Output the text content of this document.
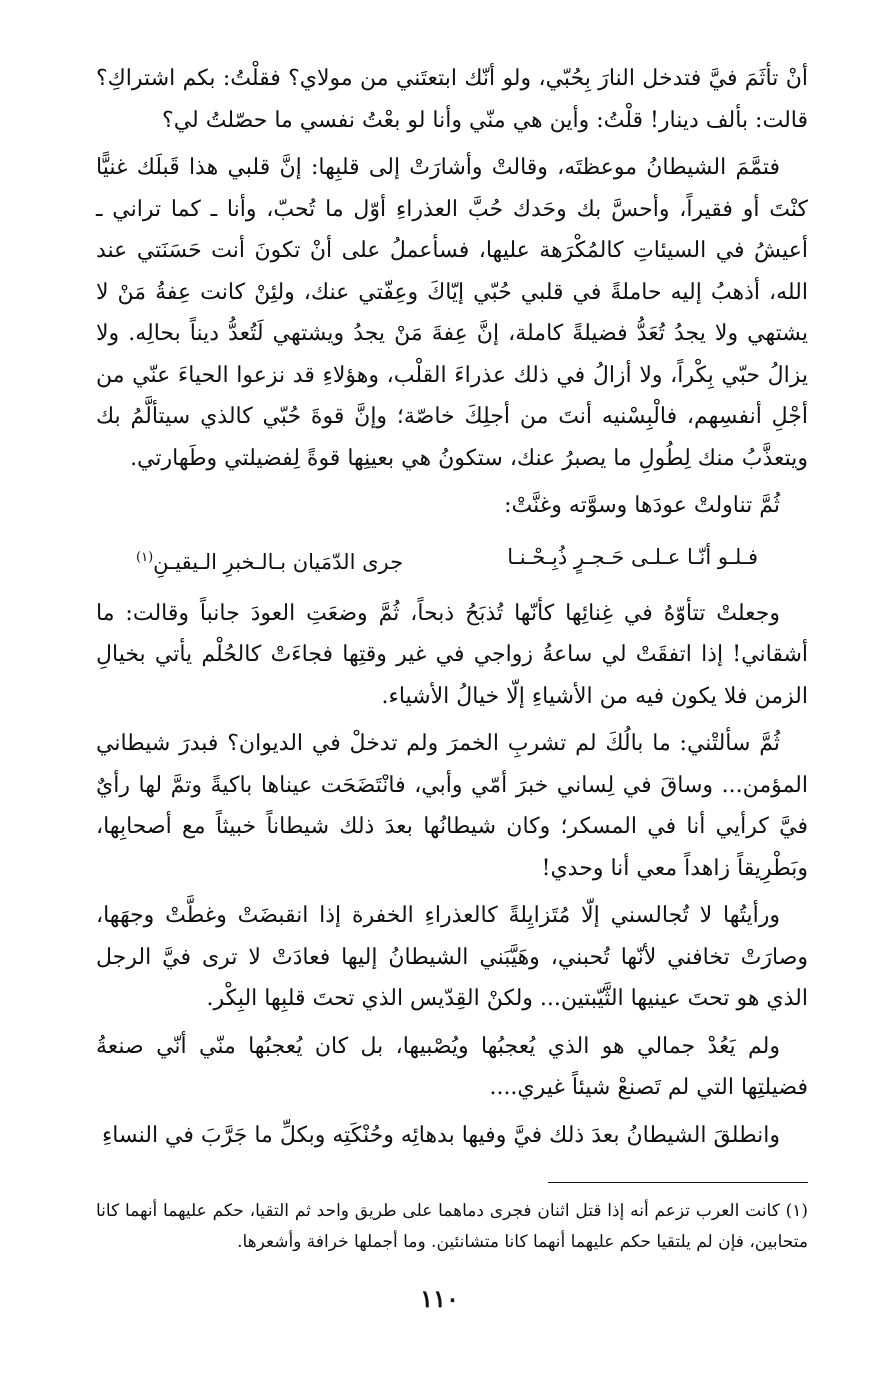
أنْ تأثَمَ فيَّ فتدخل النارَ بِحُبّي، ولو أنّك ابتعتَني من مولاي؟ فقلْتُ: بكم اشتراكِ؟ قالت: بألف دينار! قلْتُ: وأين هي منّي وأنا لو بعْتُ نفسي ما حصّلتُ لي؟

فتمَّمَ الشيطانُ موعظتَه، وقالتْ وأشارَتْ إلى قلبِها: إنَّ قلبي هذا قَبلَك غنيًّا كنْتَ أو فقيراً، وأحسَّ بك وحَدك حُبَّ العذراءِ أوّل ما تُحبّ، وأنا ـ كما تراني ـ أعيشُ في السيئاتِ كالمُكْرَهة عليها، فسأعملُ على أنْ تكونَ أنت حَسَنَتي عند الله، أذهبُ إليه حاملةً في قلبي حُبّي إيّاكَ وعِفّتي عنك، ولئِنْ كانت عِفةُ مَنْ لا يشتهي ولا يجدُ تُعَدُّ فضيلةً كاملة، إنَّ عِفةَ مَنْ يجدُ ويشتهي لَتُعدُّ ديناً بحالِه. ولا يزالُ حبّي بِكْراً، ولا أزالُ في ذلك عذراءَ القلْب، وهؤلاءِ قد نزعوا الحياءَ عنّي من أجْلِ أنفسِهم، فالْبِسْنيه أنتَ من أجلِكَ خاصّة؛ وإنَّ قوةَ حُبّي كالذي سيتألَّمُ بك ويتعذَّبُ منك لِطُولِ ما يصبرُ عنك، ستكونُ هي بعينِها قوةً لِفضيلتي وطَهارتي.

ثُمَّ تناولتْ عودَها وسوَّته وغنَّتْ:

فـلـو أنّـا عـلـى حَـجـرٍ ذُبِـحْـنـا
جرى الدّمَيان بـالـخبرِ الـيقيـنِ$^{(١)}$

وجعلتْ تتأوّهُ في غِنائِها كأنّها تُذبَحُ ذبحاً، ثُمَّ وضعَتِ العودَ جانباً وقالت: ما أشقاني! إذا اتفقَتْ لي ساعةُ زواجي في غير وقتِها فجاءَتْ كالحُلْم يأتي بخيالِ الزمن فلا يكون فيه من الأشياءِ إلّا خيالُ الأشياء.

ثُمَّ سألتْني: ما بالُكَ لم تشربِ الخمرَ ولم تدخلْ في الديوان؟ فبدرَ شيطاني المؤمن... وساقَ في لِساني خبرَ أمّي وأبي، فانْتَضَحَت عيناها باكيةً وتمَّ لها رأيٌ فيَّ كرأيي أنا في المسكر؛ وكان شيطانُها بعدَ ذلك شيطاناً خبيثاً مع أصحابِها، وبَطْرِيقاً زاهداً معي أنا وحدي!

ورأيتُها لا تُجالسني إلّا مُتَزايِلةً كالعذراءِ الخفرة إذا انقبضَتْ وغطَّتْ وجهَها، وصارَتْ تخافني لأنّها تُحبني، وهَيَّبَني الشيطانُ إليها فعادَتْ لا ترى فيَّ الرجل الذي هو تحتَ عينيها الثَّيّبتين... ولكنْ القِدّيس الذي تحتَ قلبِها البِكْر.

ولم يَعُدْ جمالي هو الذي يُعجبُها ويُصْبيها، بل كان يُعجبُها منّي أنّي صنعةُ فضيلتِها التي لم تَصنعْ شيئاً غيري....

وانطلقَ الشيطانُ بعدَ ذلك فيَّ وفيها بدهائِه وحُنْكَتِه وبكلِّ ما جَرَّبَ في النساءِ

(١) كانت العرب تزعم أنه إذا قتل اثنان فجرى دماهما على طريق واحد ثم التقيا، حكم عليهما أنهما كانا متحابين، فإن لم يلتقيا حكم عليهما أنهما كانا متشانئين. وما أجملها خرافة وأشعرها.

١١٠
